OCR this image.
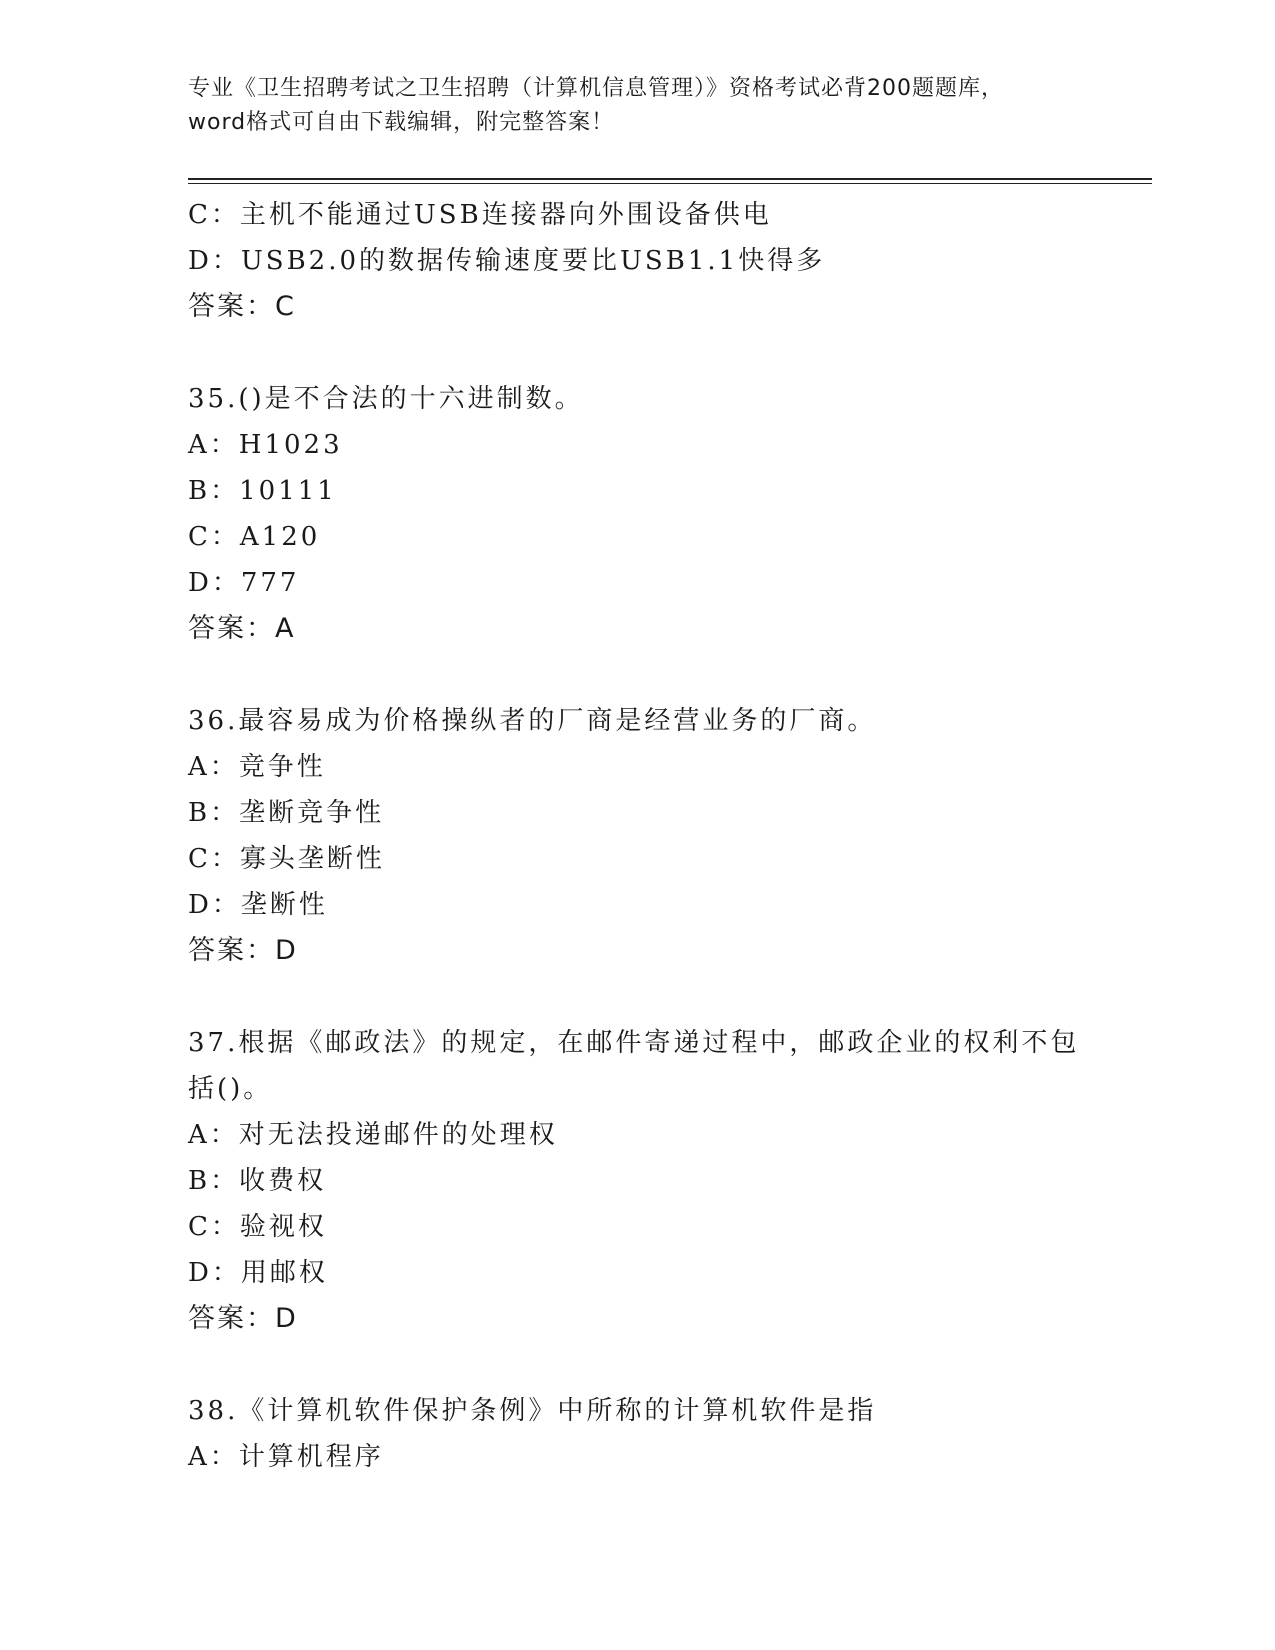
专业《卫生招聘考试之卫生招聘（计算机信息管理）》资格考试必背200题题库，
word格式可自由下载编辑，附完整答案！
C：主机不能通过USB连接器向外围设备供电
D：USB2.0的数据传输速度要比USB1.1快得多
答案：C
35.()是不合法的十六进制数。
A：H1023
B：10111
C：A120
D：777
答案：A
36.最容易成为价格操纵者的厂商是经营业务的厂商。
A：竞争性
B：垄断竞争性
C：寡头垄断性
D：垄断性
答案：D
37.根据《邮政法》的规定，在邮件寄递过程中，邮政企业的权利不包
括()。
A：对无法投递邮件的处理权
B：收费权
C：验视权
D：用邮权
答案：D
38.《计算机软件保护条例》中所称的计算机软件是指
A：计算机程序
